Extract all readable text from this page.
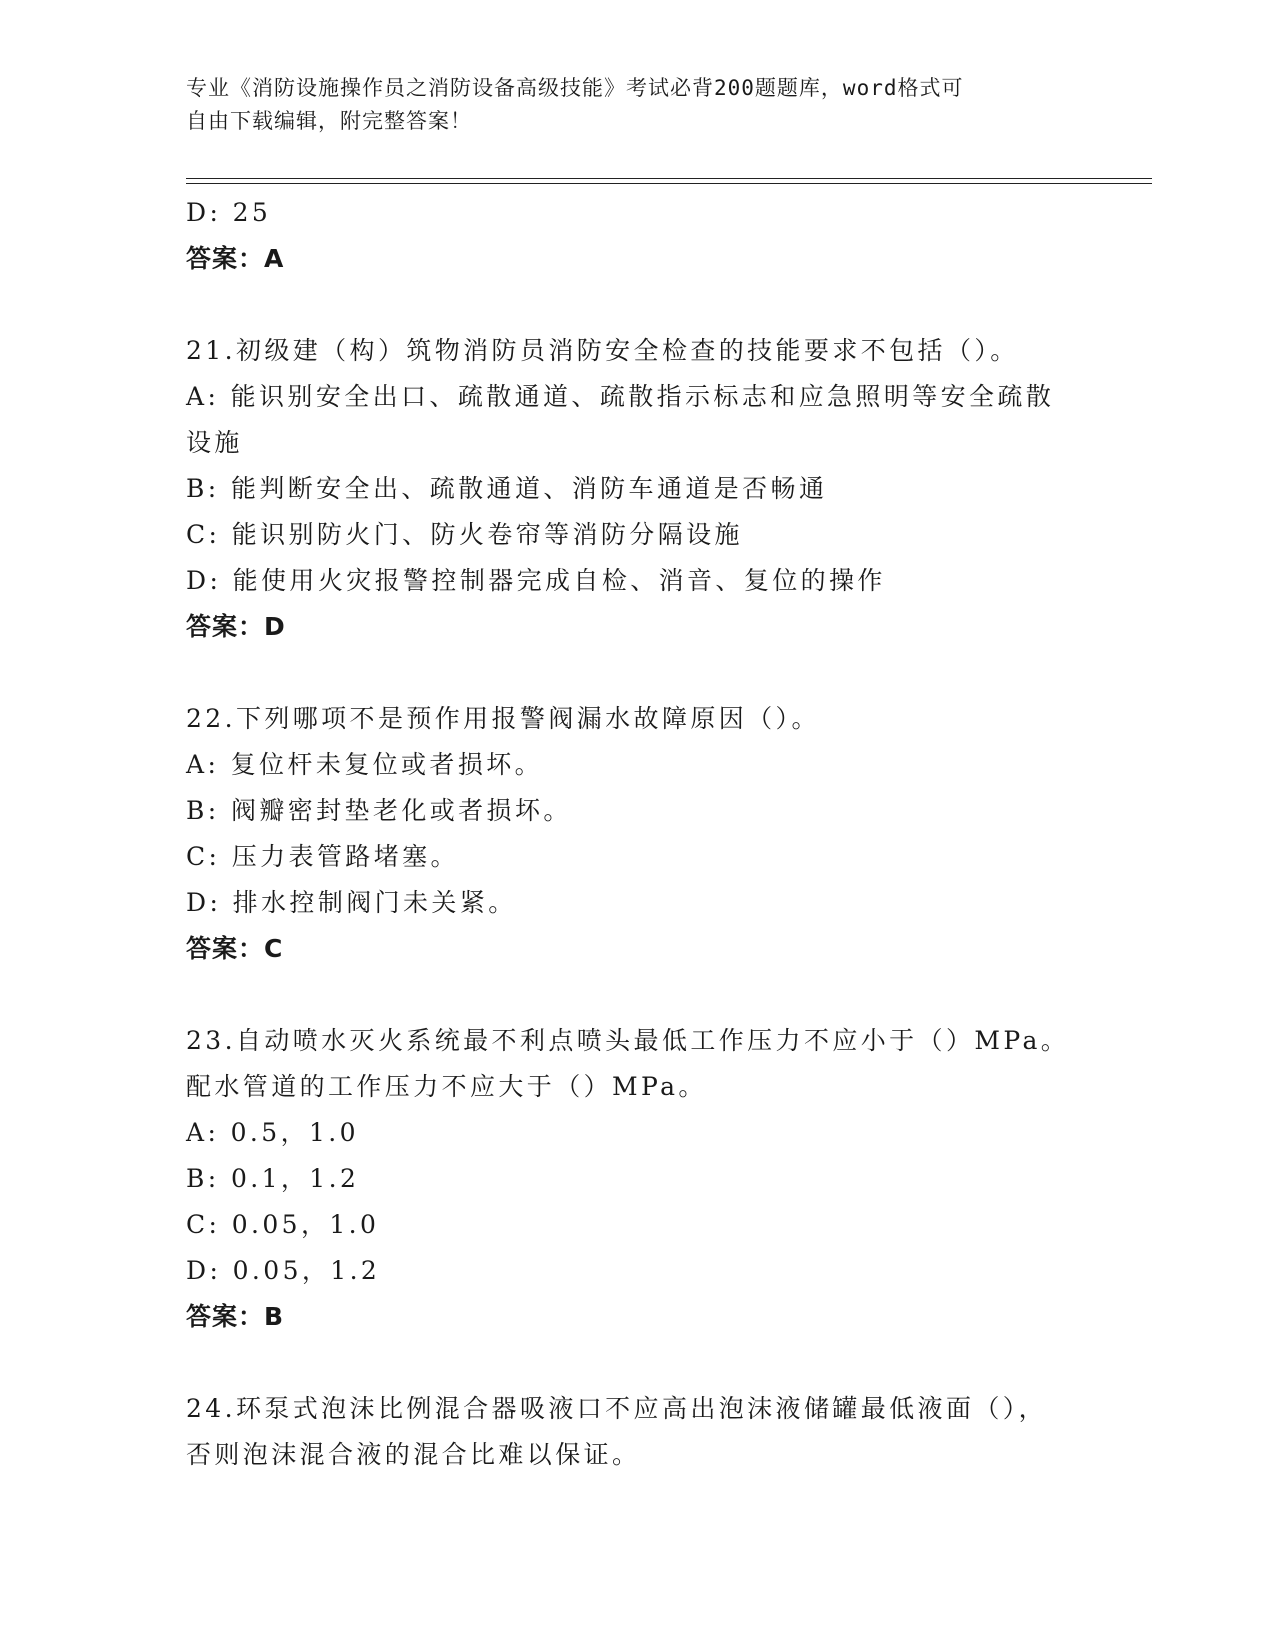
专业《消防设施操作员之消防设备高级技能》考试必背200题题库，word格式可
自由下载编辑，附完整答案！
D: 25
答案：A
21.初级建（构）筑物消防员消防安全检查的技能要求不包括（）。
A: 能识别安全出口、疏散通道、疏散指示标志和应急照明等安全疏散
设施
B: 能判断安全出、疏散通道、消防车通道是否畅通
C: 能识别防火门、防火卷帘等消防分隔设施
D: 能使用火灾报警控制器完成自检、消音、复位的操作
答案：D
22.下列哪项不是预作用报警阀漏水故障原因（）。
A: 复位杆未复位或者损坏。
B: 阀瓣密封垫老化或者损坏。
C: 压力表管路堵塞。
D: 排水控制阀门未关紧。
答案：C
23.自动喷水灭火系统最不利点喷头最低工作压力不应小于（）MPa。
配水管道的工作压力不应大于（）MPa。
A: 0.5，1.0
B: 0.1，1.2
C: 0.05，1.0
D: 0.05，1.2
答案：B
24.环泵式泡沫比例混合器吸液口不应高出泡沫液储罐最低液面（），
否则泡沫混合液的混合比难以保证。
